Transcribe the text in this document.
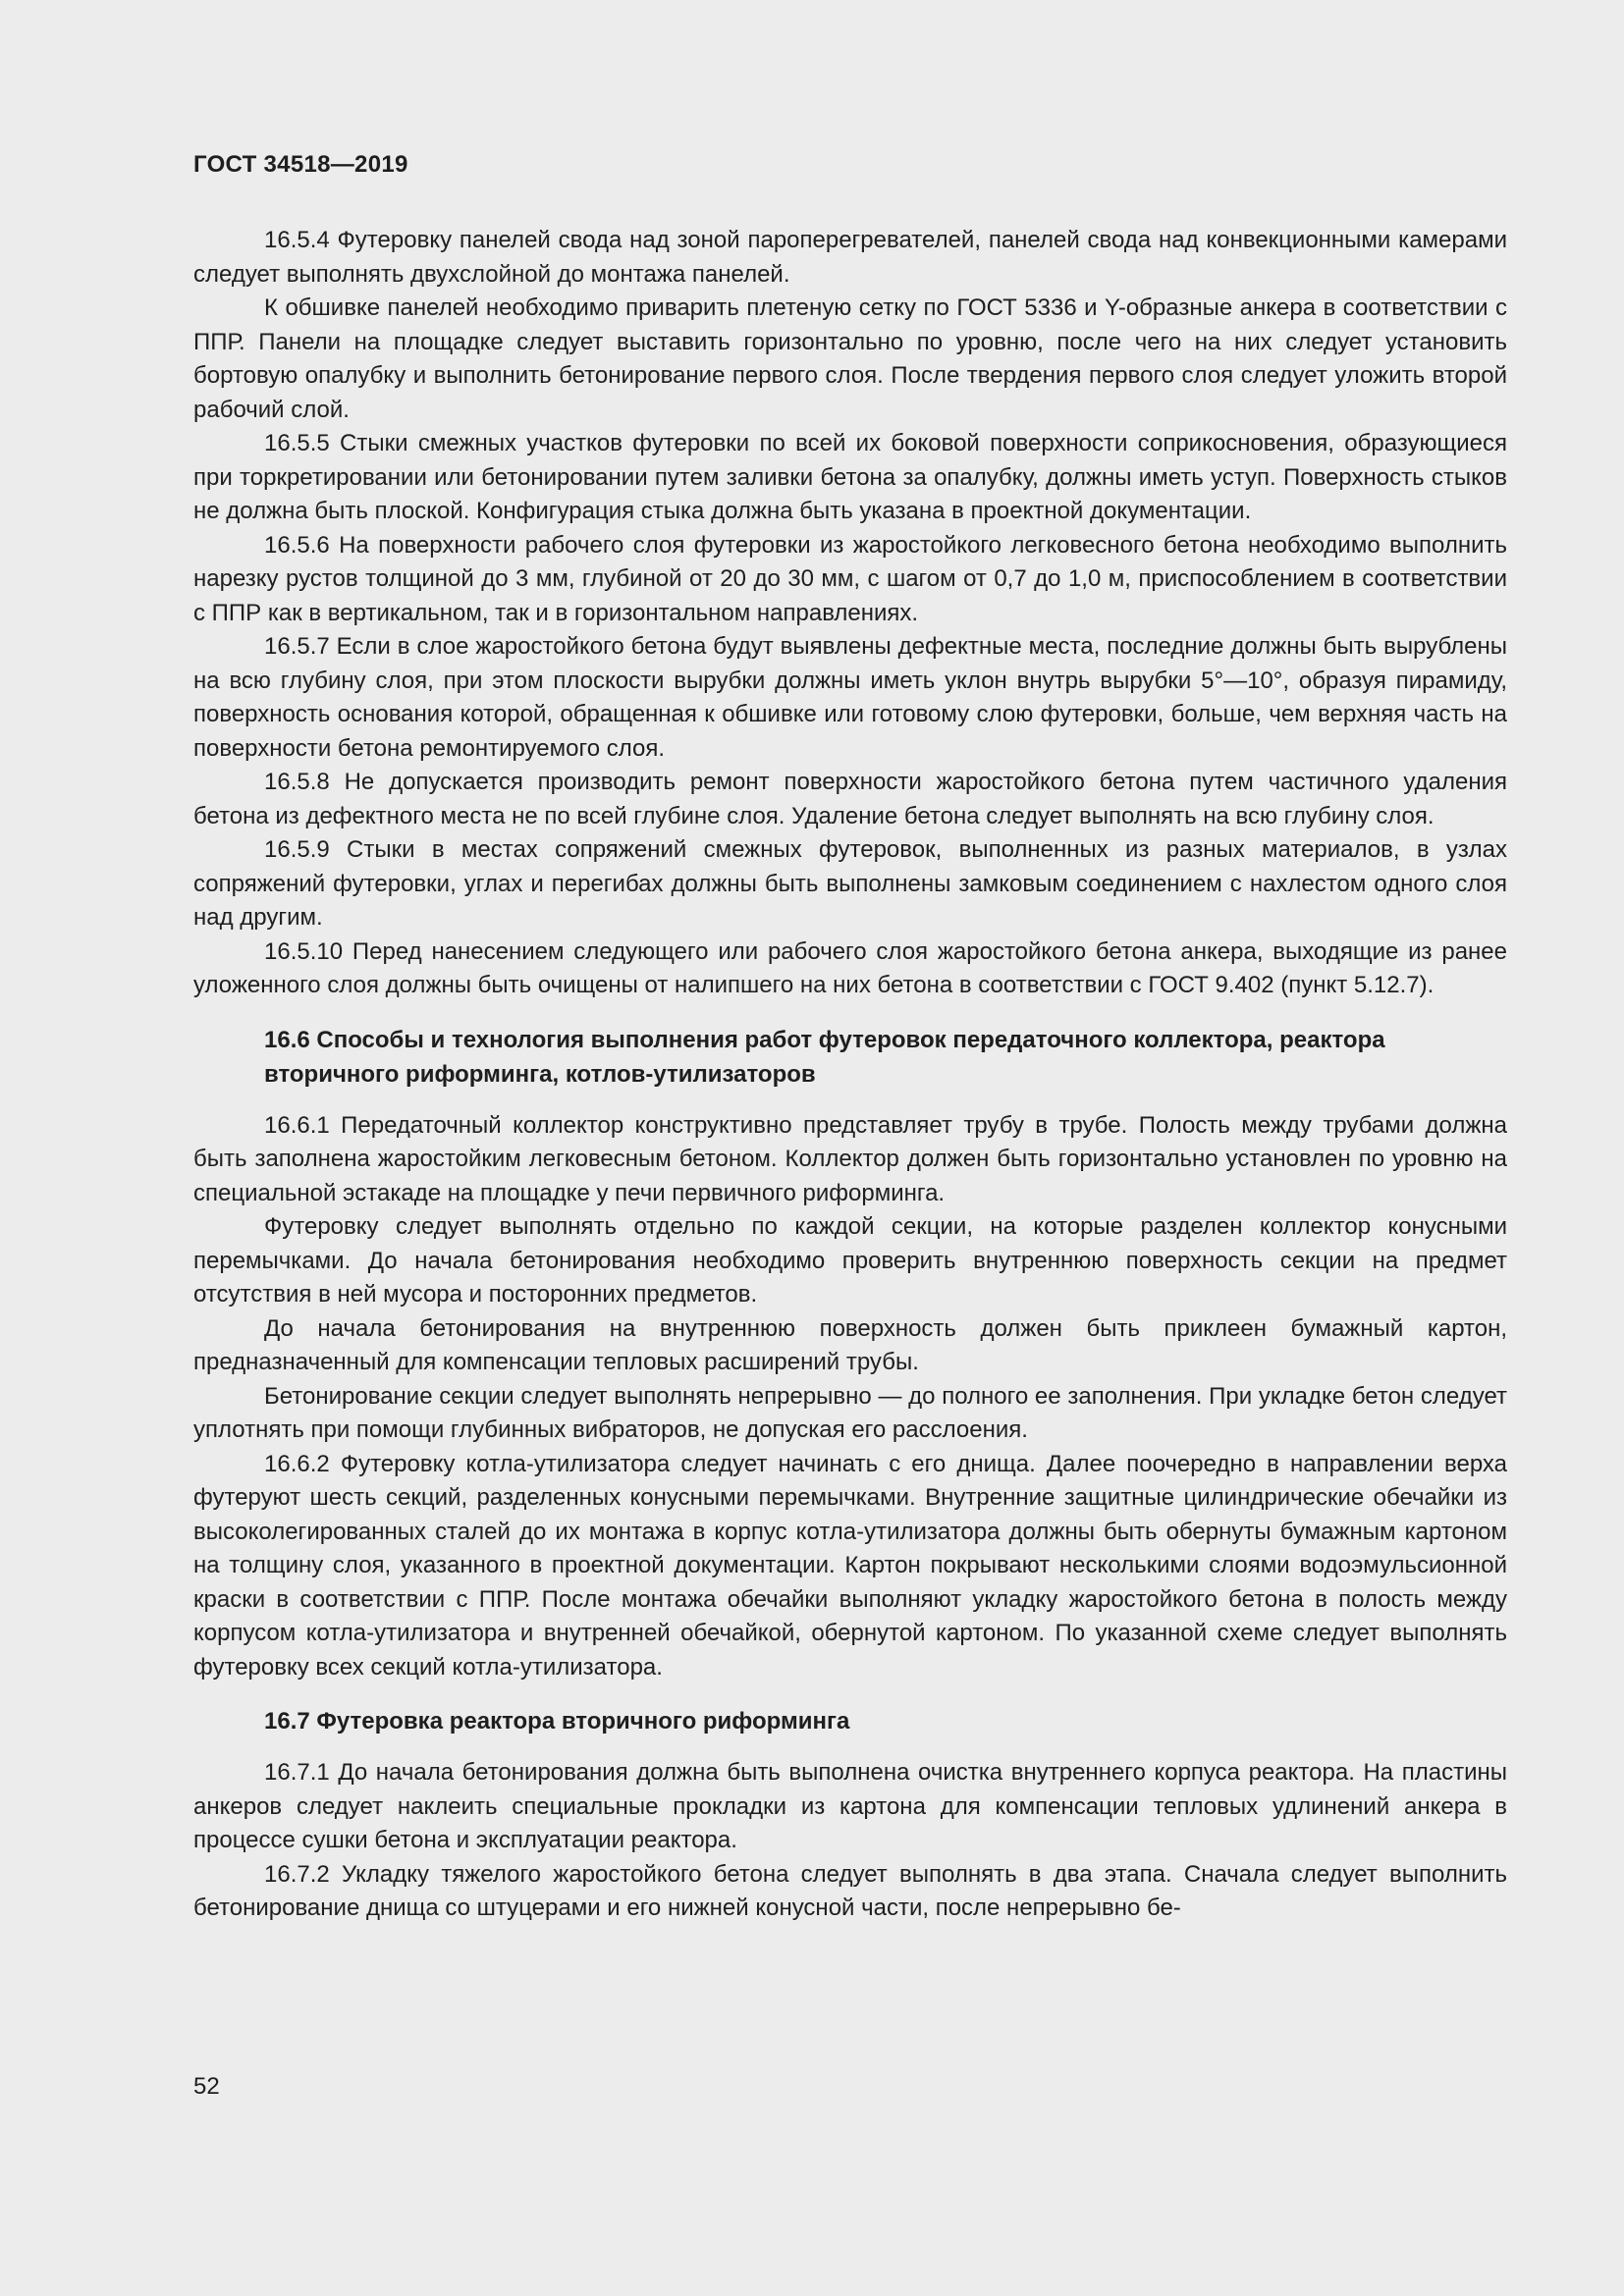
ГОСТ 34518—2019

16.5.4 Футеровку панелей свода над зоной пароперегревателей, панелей свода над конвекционными камерами следует выполнять двухслойной до монтажа панелей.

К обшивке панелей необходимо приварить плетеную сетку по ГОСТ 5336 и Y-образные анкера в соответствии с ППР. Панели на площадке следует выставить горизонтально по уровню, после чего на них следует установить бортовую опалубку и выполнить бетонирование первого слоя. После твердения первого слоя следует уложить второй рабочий слой.

16.5.5 Стыки смежных участков футеровки по всей их боковой поверхности соприкосновения, образующиеся при торкретировании или бетонировании путем заливки бетона за опалубку, должны иметь уступ. Поверхность стыков не должна быть плоской. Конфигурация стыка должна быть указана в проектной документации.

16.5.6 На поверхности рабочего слоя футеровки из жаростойкого легковесного бетона необходимо выполнить нарезку рустов толщиной до 3 мм, глубиной от 20 до 30 мм, с шагом от 0,7 до 1,0 м, приспособлением в соответствии с ППР как в вертикальном, так и в горизонтальном направлениях.

16.5.7 Если в слое жаростойкого бетона будут выявлены дефектные места, последние должны быть вырублены на всю глубину слоя, при этом плоскости вырубки должны иметь уклон внутрь вырубки 5°—10°, образуя пирамиду, поверхность основания которой, обращенная к обшивке или готовому слою футеровки, больше, чем верхняя часть на поверхности бетона ремонтируемого слоя.

16.5.8 Не допускается производить ремонт поверхности жаростойкого бетона путем частичного удаления бетона из дефектного места не по всей глубине слоя. Удаление бетона следует выполнять на всю глубину слоя.

16.5.9 Стыки в местах сопряжений смежных футеровок, выполненных из разных материалов, в узлах сопряжений футеровки, углах и перегибах должны быть выполнены замковым соединением с нахлестом одного слоя над другим.

16.5.10 Перед нанесением следующего или рабочего слоя жаростойкого бетона анкера, выходящие из ранее уложенного слоя должны быть очищены от налипшего на них бетона в соответствии с ГОСТ 9.402 (пункт 5.12.7).

16.6 Способы и технология выполнения работ футеровок передаточного коллектора, реактора вторичного риформинга, котлов-утилизаторов

16.6.1 Передаточный коллектор конструктивно представляет трубу в трубе. Полость между трубами должна быть заполнена жаростойким легковесным бетоном. Коллектор должен быть горизонтально установлен по уровню на специальной эстакаде на площадке у печи первичного риформинга.

Футеровку следует выполнять отдельно по каждой секции, на которые разделен коллектор конусными перемычками. До начала бетонирования необходимо проверить внутреннюю поверхность секции на предмет отсутствия в ней мусора и посторонних предметов.

До начала бетонирования на внутреннюю поверхность должен быть приклеен бумажный картон, предназначенный для компенсации тепловых расширений трубы.

Бетонирование секции следует выполнять непрерывно — до полного ее заполнения. При укладке бетон следует уплотнять при помощи глубинных вибраторов, не допуская его расслоения.

16.6.2 Футеровку котла-утилизатора следует начинать с его днища. Далее поочередно в направлении верха футеруют шесть секций, разделенных конусными перемычками. Внутренние защитные цилиндрические обечайки из высоколегированных сталей до их монтажа в корпус котла-утилизатора должны быть обернуты бумажным картоном на толщину слоя, указанного в проектной документации. Картон покрывают несколькими слоями водоэмульсионной краски в соответствии с ППР. После монтажа обечайки выполняют укладку жаростойкого бетона в полость между корпусом котла-утилизатора и внутренней обечайкой, обернутой картоном. По указанной схеме следует выполнять футеровку всех секций котла-утилизатора.

16.7 Футеровка реактора вторичного риформинга

16.7.1 До начала бетонирования должна быть выполнена очистка внутреннего корпуса реактора. На пластины анкеров следует наклеить специальные прокладки из картона для компенсации тепловых удлинений анкера в процессе сушки бетона и эксплуатации реактора.

16.7.2 Укладку тяжелого жаростойкого бетона следует выполнять в два этапа. Сначала следует выполнить бетонирование днища со штуцерами и его нижней конусной части, после непрерывно бе-

52
